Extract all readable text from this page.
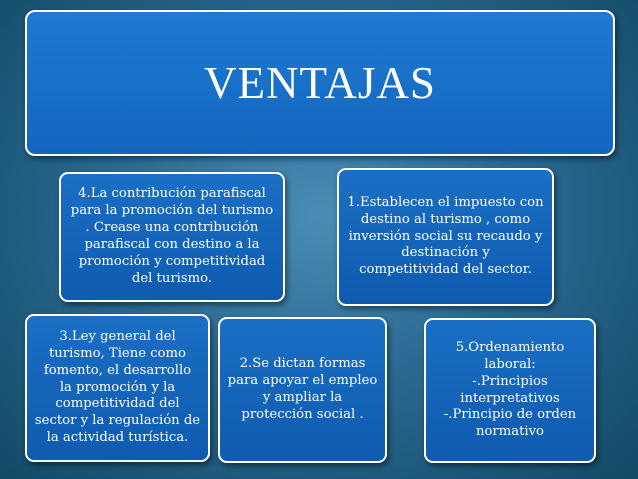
VENTAJAS
4.La contribución parafiscal
para la promoción del turismo
. Crease una contribución
parafiscal con destino a la
promoción y competitividad
del turismo.
1.Establecen el impuesto con
destino al turismo , como
inversión social su recaudo y
destinación y
competitividad del sector.
3.Ley general del
turismo, Tiene como
fomento, el desarrollo
la promoción y la
competitividad del
sector y la regulación de
la actividad turística.
2.Se dictan formas
para apoyar el empleo
y ampliar la
protección social .
5.Ordenamiento
laboral:
-.Principios
interpretativos
-.Principio de orden
normativo
